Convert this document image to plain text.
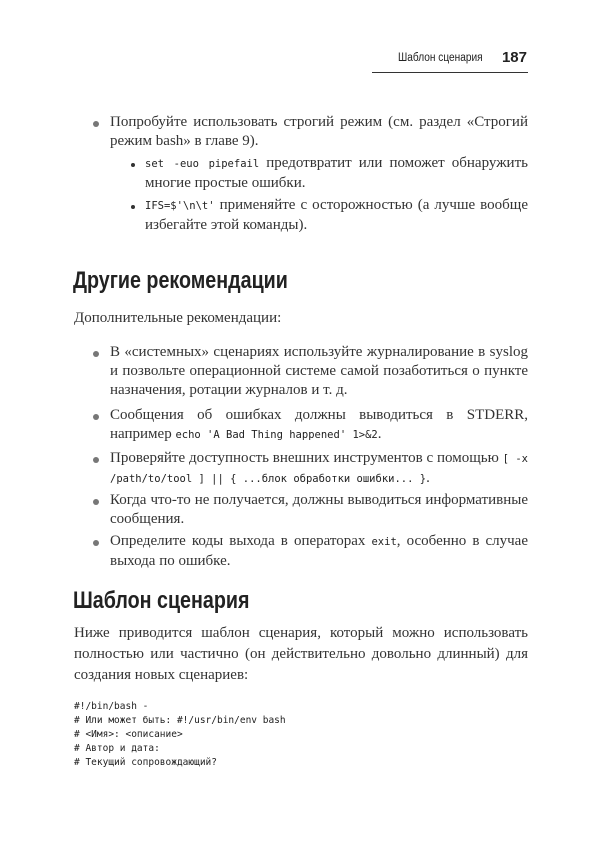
Шаблон сценария 187
Попробуйте использовать строгий режим (см. раздел «Строгий режим bash» в главе 9).
set -euo pipefail предотвратит или поможет обнаружить многие простые ошибки.
IFS=$'\n\t' применяйте с осторожностью (а лучше вообще избегайте этой команды).
Другие рекомендации
Дополнительные рекомендации:
В «системных» сценариях используйте журналирование в syslog и позвольте операционной системе самой позаботиться о пункте назначения, ротации журналов и т. д.
Сообщения об ошибках должны выводиться в STDERR, например echo 'A Bad Thing happened' 1>&2.
Проверяйте доступность внешних инструментов с помощью [ -x /path/to/tool ] || { ...блок обработки ошибки... }.
Когда что-то не получается, должны выводиться информативные сообщения.
Определите коды выхода в операторах exit, особенно в случае выхода по ошибке.
Шаблон сценария
Ниже приводится шаблон сценария, который можно использовать полностью или частично (он действительно довольно длинный) для создания новых сценариев:
#!/bin/bash -
# Или может быть: #!/usr/bin/env bash
# <Имя>: <описание>
# Автор и дата:
# Текущий сопровождающий?
